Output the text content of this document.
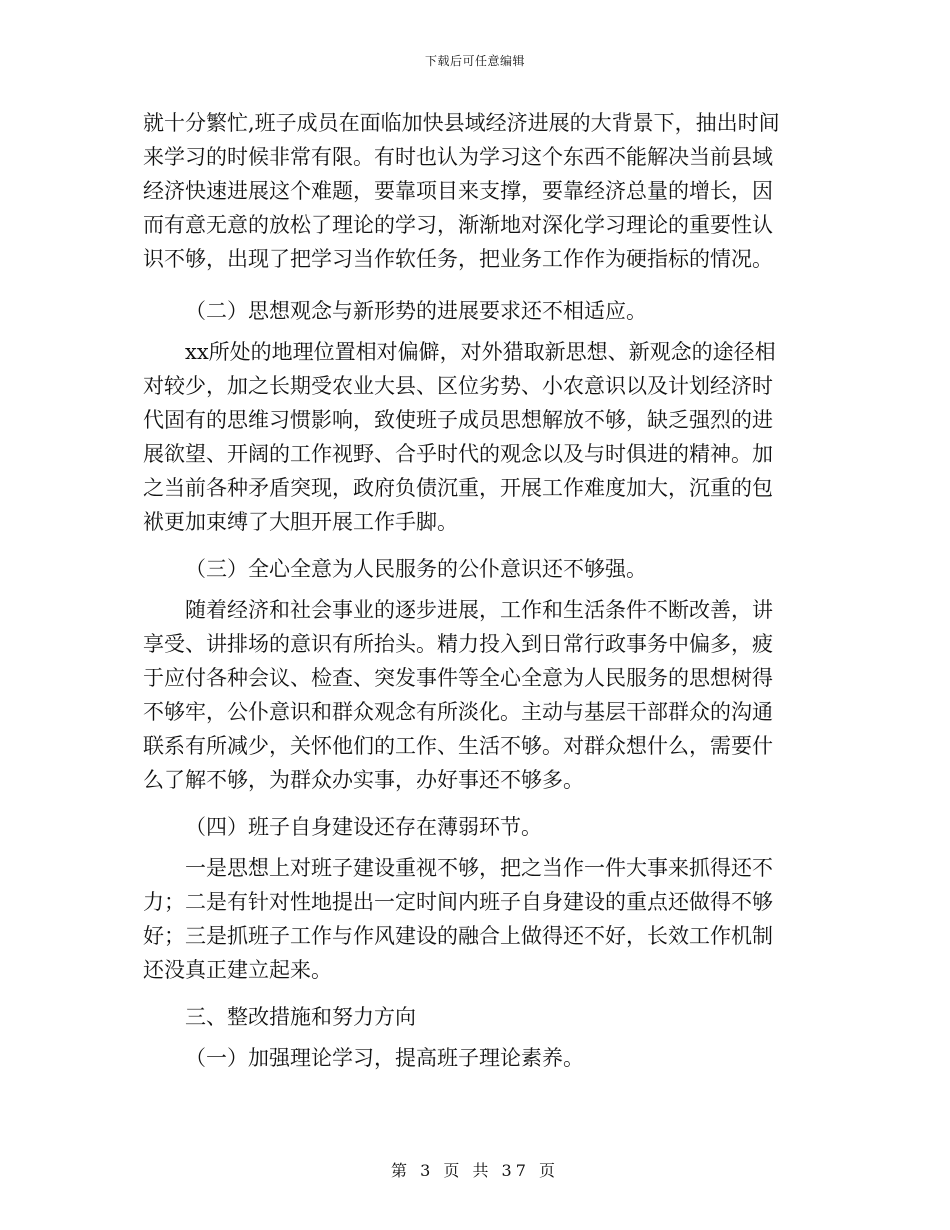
下载后可任意编辑
就十分繁忙,班子成员在面临加快县域经济进展的大背景下，抽出时间
来学习的时候非常有限。有时也认为学习这个东西不能解决当前县域
经济快速进展这个难题，要靠项目来支撑，要靠经济总量的增长，因
而有意无意的放松了理论的学习，渐渐地对深化学习理论的重要性认
识不够，出现了把学习当作软任务，把业务工作作为硬指标的情况。
（二）思想观念与新形势的进展要求还不相适应。
xx所处的地理位置相对偏僻，对外猎取新思想、新观念的途径相
对较少，加之长期受农业大县、区位劣势、小农意识以及计划经济时
代固有的思维习惯影响，致使班子成员思想解放不够，缺乏强烈的进
展欲望、开阔的工作视野、合乎时代的观念以及与时俱进的精神。加
之当前各种矛盾突现，政府负债沉重，开展工作难度加大，沉重的包
袱更加束缚了大胆开展工作手脚。
（三）全心全意为人民服务的公仆意识还不够强。
随着经济和社会事业的逐步进展，工作和生活条件不断改善，讲
享受、讲排场的意识有所抬头。精力投入到日常行政事务中偏多，疲
于应付各种会议、检查、突发事件等全心全意为人民服务的思想树得
不够牢，公仆意识和群众观念有所淡化。主动与基层干部群众的沟通
联系有所减少，关怀他们的工作、生活不够。对群众想什么，需要什
么了解不够，为群众办实事，办好事还不够多。
（四）班子自身建设还存在薄弱环节。
一是思想上对班子建设重视不够，把之当作一件大事来抓得还不
力；二是有针对性地提出一定时间内班子自身建设的重点还做得不够
好；三是抓班子工作与作风建设的融合上做得还不好，长效工作机制
还没真正建立起来。
三、整改措施和努力方向
（一）加强理论学习，提高班子理论素养。
第 3 页 共 37 页
